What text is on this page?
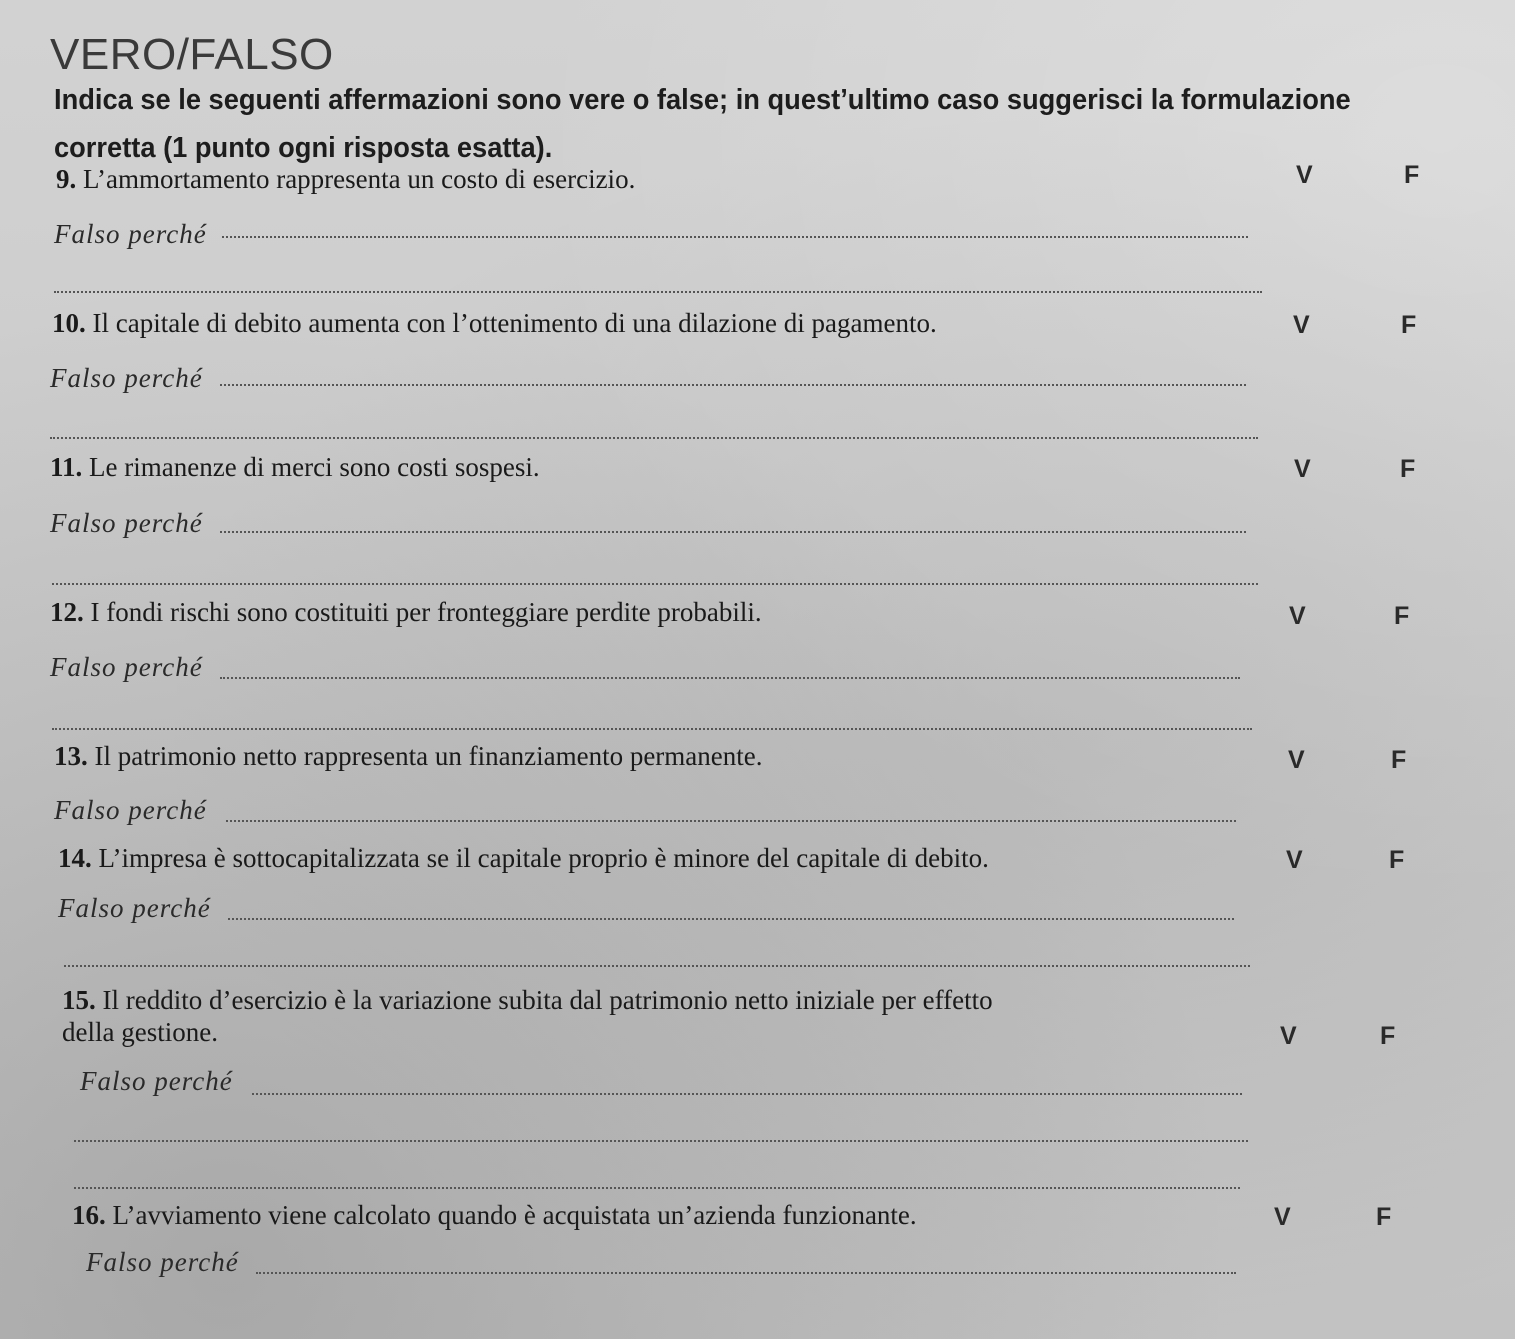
VERO/FALSO
Indica se le seguenti affermazioni sono vere o false; in quest’ultimo caso suggerisci la formulazione corretta (1 punto ogni risposta esatta).
9. L’ammortamento rappresenta un costo di esercizio.	V	F
Falso perché
10. Il capitale di debito aumenta con l’ottenimento di una dilazione di pagamento.	V	F
Falso perché
11. Le rimanenze di merci sono costi sospesi.	V	F
Falso perché
12. I fondi rischi sono costituiti per fronteggiare perdite probabili.	V	F
Falso perché
13. Il patrimonio netto rappresenta un finanziamento permanente.	V	F
Falso perché
14. L’impresa è sottocapitalizzata se il capitale proprio è minore del capitale di debito.	V	F
Falso perché
15. Il reddito d’esercizio è la variazione subita dal patrimonio netto iniziale per effetto
della gestione.	V	F
Falso perché
16. L’avviamento viene calcolato quando è acquistata un’azienda funzionante.	V	F
Falso perché
